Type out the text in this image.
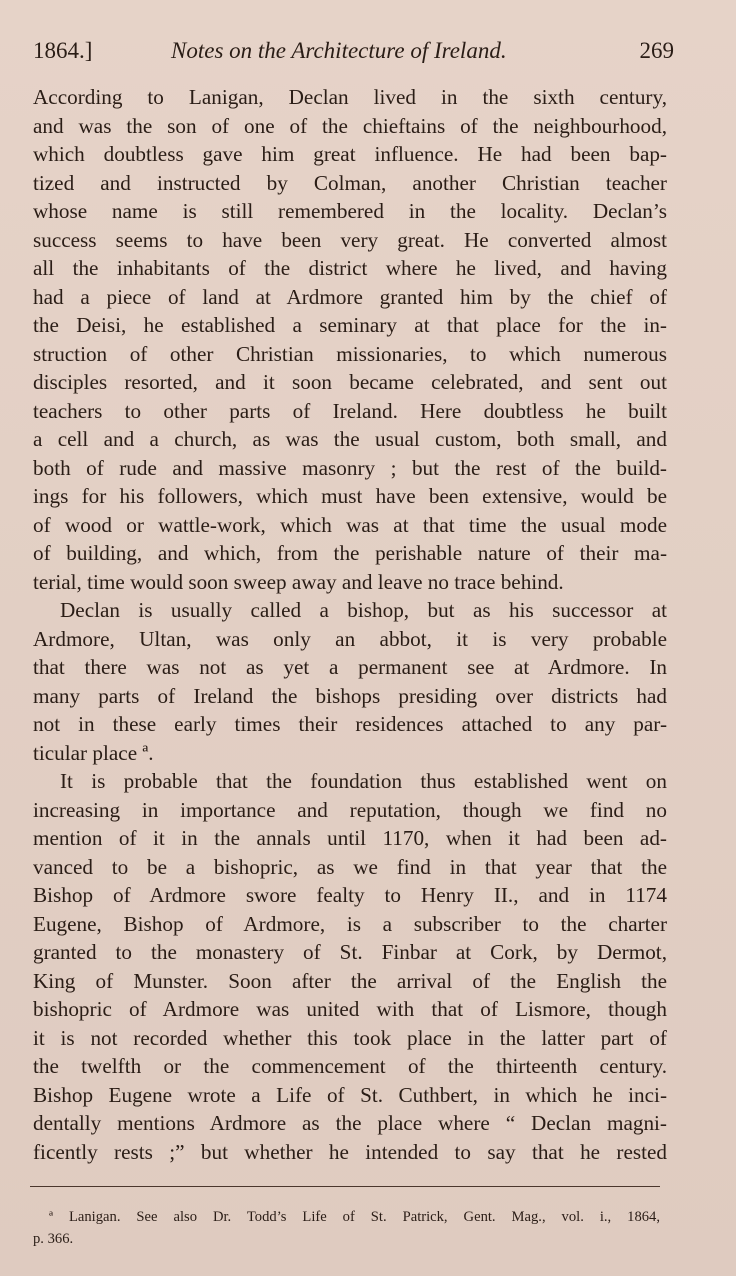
1864.]	Notes on the Architecture of Ireland.	269
According to Lanigan, Declan lived in the sixth century,
and was the son of one of the chieftains of the neighbourhood,
which doubtless gave him great influence. He had been bap-
tized and instructed by Colman, another Christian teacher
whose name is still remembered in the locality. Declan’s
success seems to have been very great. He converted almost
all the inhabitants of the district where he lived, and having
had a piece of land at Ardmore granted him by the chief of
the Deisi, he established a seminary at that place for the in-
struction of other Christian missionaries, to which numerous
disciples resorted, and it soon became celebrated, and sent out
teachers to other parts of Ireland. Here doubtless he built
a cell and a church, as was the usual custom, both small, and
both of rude and massive masonry ; but the rest of the build-
ings for his followers, which must have been extensive, would be
of wood or wattle-work, which was at that time the usual mode
of building, and which, from the perishable nature of their ma-
terial, time would soon sweep away and leave no trace behind.
Declan is usually called a bishop, but as his successor at
Ardmore, Ultan, was only an abbot, it is very probable
that there was not as yet a permanent see at Ardmore. In
many parts of Ireland the bishops presiding over districts had
not in these early times their residences attached to any par-
ticular place ª.
It is probable that the foundation thus established went on
increasing in importance and reputation, though we find no
mention of it in the annals until 1170, when it had been ad-
vanced to be a bishopric, as we find in that year that the
Bishop of Ardmore swore fealty to Henry II., and in 1174
Eugene, Bishop of Ardmore, is a subscriber to the charter
granted to the monastery of St. Finbar at Cork, by Dermot,
King of Munster. Soon after the arrival of the English the
bishopric of Ardmore was united with that of Lismore, though
it is not recorded whether this took place in the latter part of
the twelfth or the commencement of the thirteenth century.
Bishop Eugene wrote a Life of St. Cuthbert, in which he inci-
dentally mentions Ardmore as the place where “ Declan magni-
ficently rests ;” but whether he intended to say that he rested
ª Lanigan. See also Dr. Todd’s Life of St. Patrick, Gent. Mag., vol. i., 1864,
p. 366.
